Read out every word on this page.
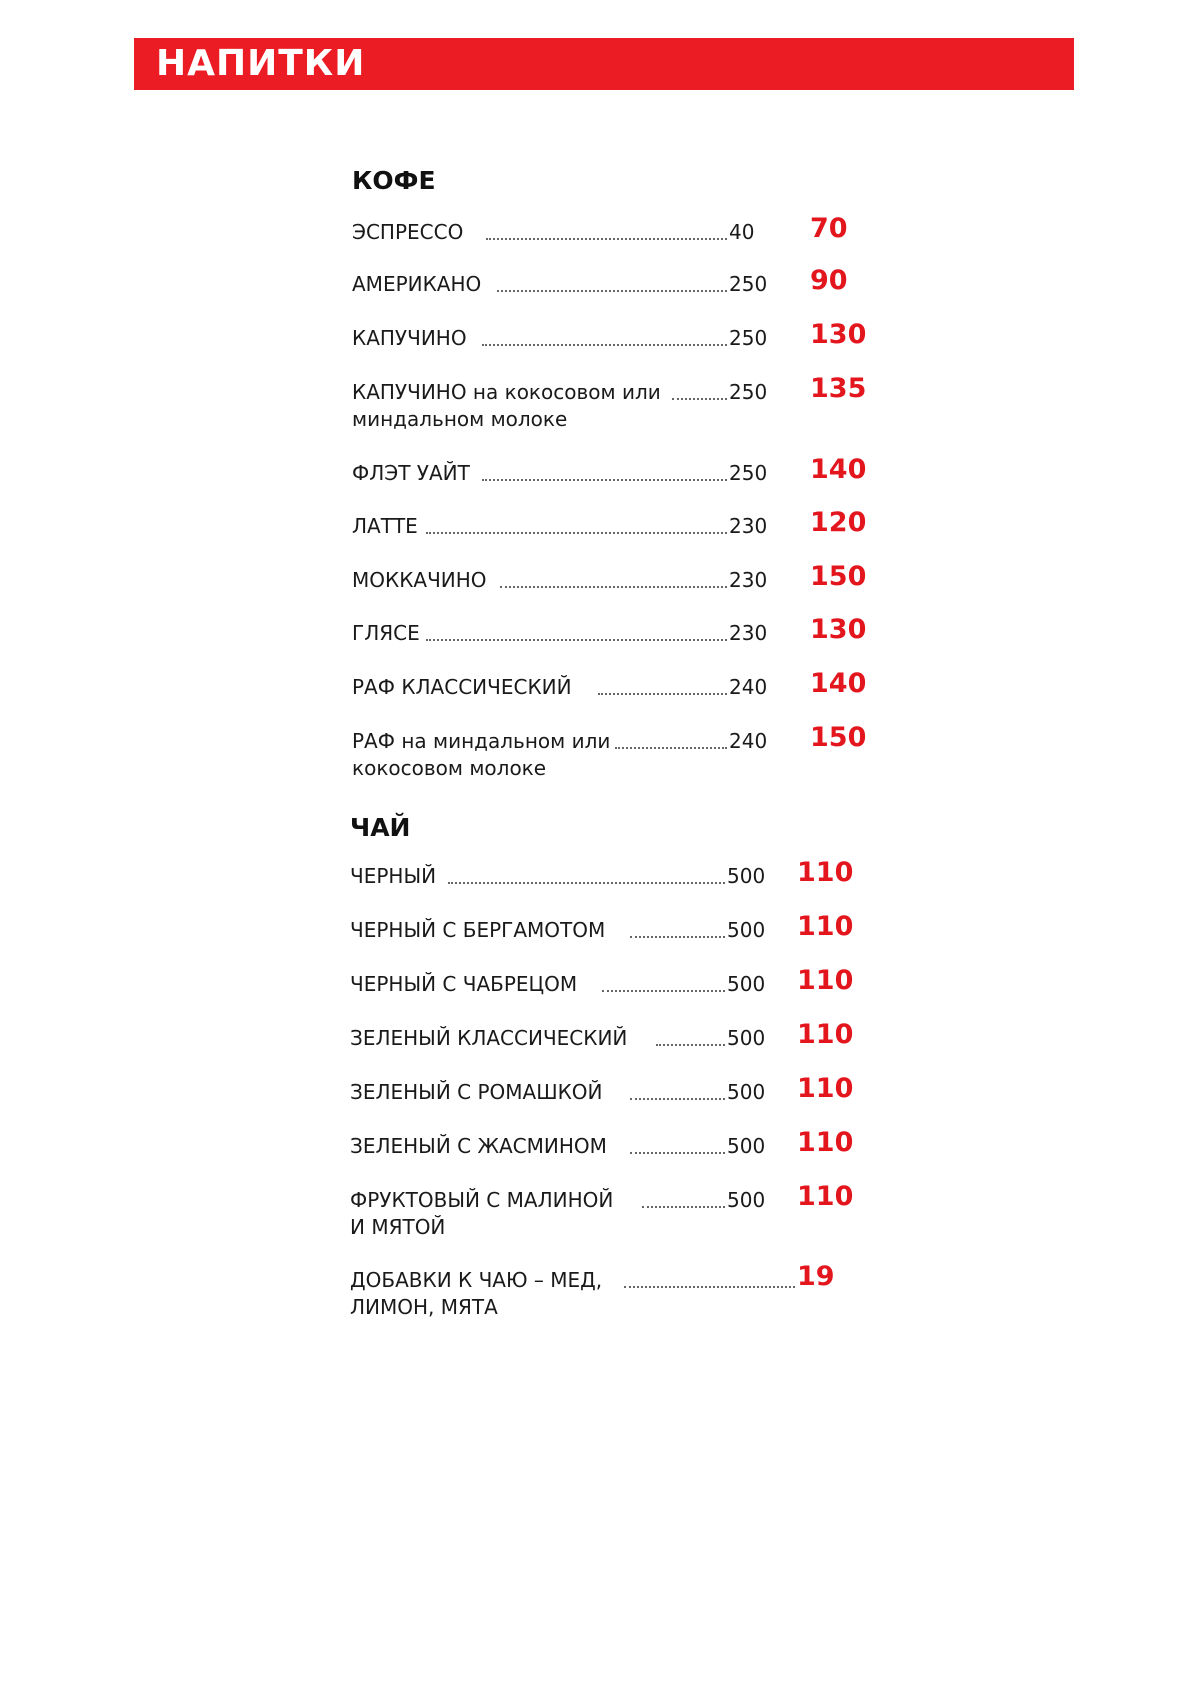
НАПИТКИ
КОФЕ
ЭСПРЕССО	40 70
АМЕРИКАНО	250 90
КАПУЧИНО	250 130
КАПУЧИНО на кокосовом или
миндальном молоке
250 135
ФЛЭТ УАЙТ	250 140
ЛАТТЕ	230 120
МОККАЧИНО	230 150
ГЛЯСЕ	230 130
РАФ КЛАССИЧЕСКИЙ	240 140
РАФ на миндальном или
кокосовом молоке
240 150
ЧАЙ
ЧЕРНЫЙ	500 110
ЧЕРНЫЙ С БЕРГАМОТОМ	500 110
ЧЕРНЫЙ С ЧАБРЕЦОМ	500 110
ЗЕЛЕНЫЙ КЛАССИЧЕСКИЙ	500 110
ЗЕЛЕНЫЙ С РОМАШКОЙ	500 110
ЗЕЛЕНЫЙ С ЖАСМИНОМ	500 110
ФРУКТОВЫЙ С МАЛИНОЙ
И МЯТОЙ
500 110
ДОБАВКИ К ЧАЮ – МЕД,
ЛИМОН, МЯТА
19
